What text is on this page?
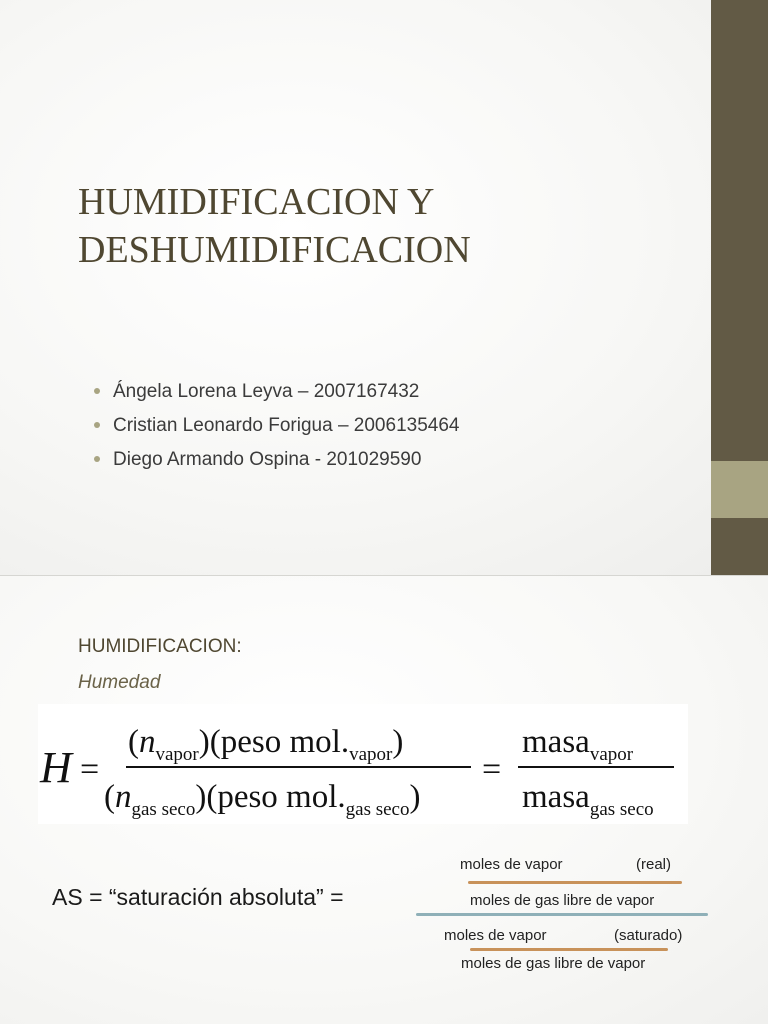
HUMIDIFICACION Y
DESHUMIDIFICACION
Ángela Lorena Leyva – 2007167432
Cristian Leonardo Forigua – 2006135464
Diego Armando Ospina - 201029590
HUMIDIFICACION:
Humedad
H =
$(n_{vapor})(peso$ $mol._{vapor}$)
$(n_{gas seco})(peso$ $mol._{gas seco}$)
=
masa$_{vapor}$
masa$_{gas seco}$
AS = “saturación absoluta” =
moles de vapor	(real)
moles de gas libre de vapor
moles de vapor	(saturado)
moles de gas libre de vapor
